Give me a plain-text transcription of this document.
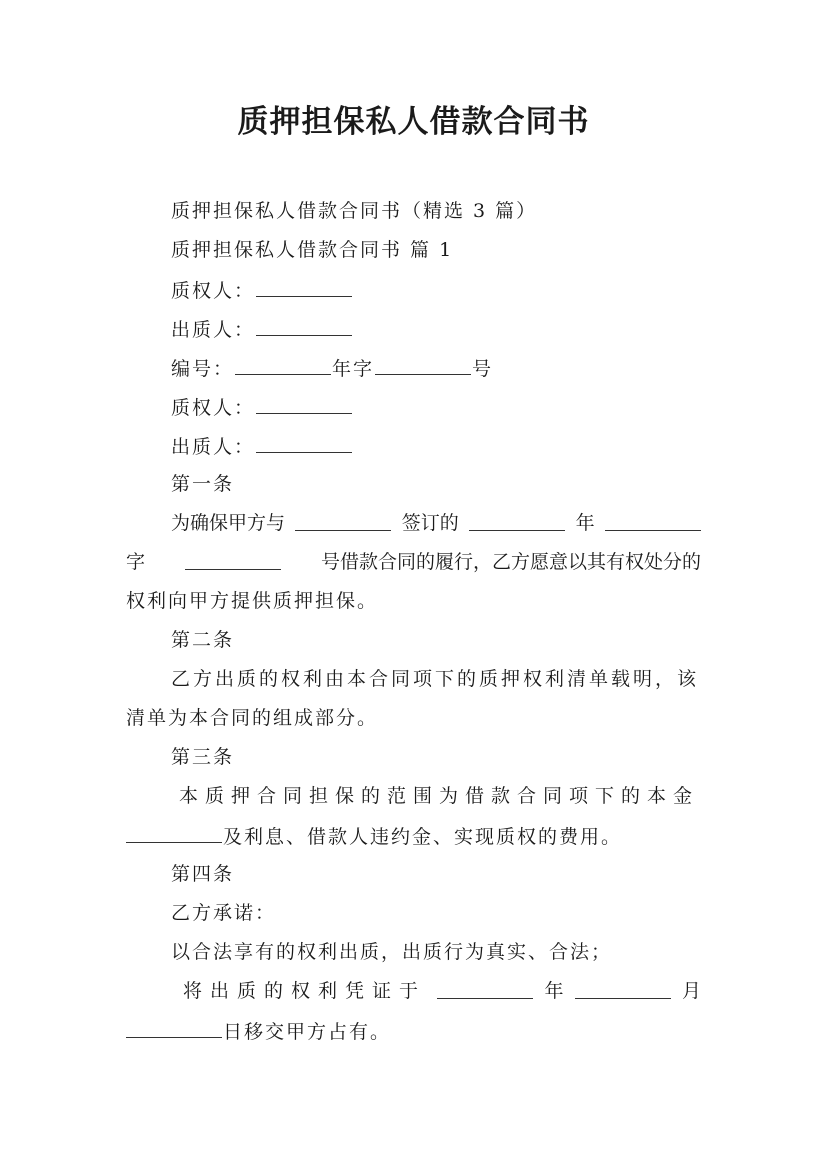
质押担保私人借款合同书
质押担保私人借款合同书（精选 3 篇）
质押担保私人借款合同书 篇 1
质权人：
出质人：
编号：	年字	号
质权人：
出质人：
第一条
为确保甲方与	签订的	年
字	号借款合同的履行，乙方愿意以其有权处分的
权利向甲方提供质押担保。
第二条
乙方出质的权利由本合同项下的质押权利清单载明，该
清单为本合同的组成部分。
第三条
本质押合同担保的范围为借款合同项下的本金
及利息、借款人违约金、实现质权的费用。
第四条
乙方承诺：
以合法享有的权利出质，出质行为真实、合法；
将出质的权利凭证于	年	月
日移交甲方占有。
